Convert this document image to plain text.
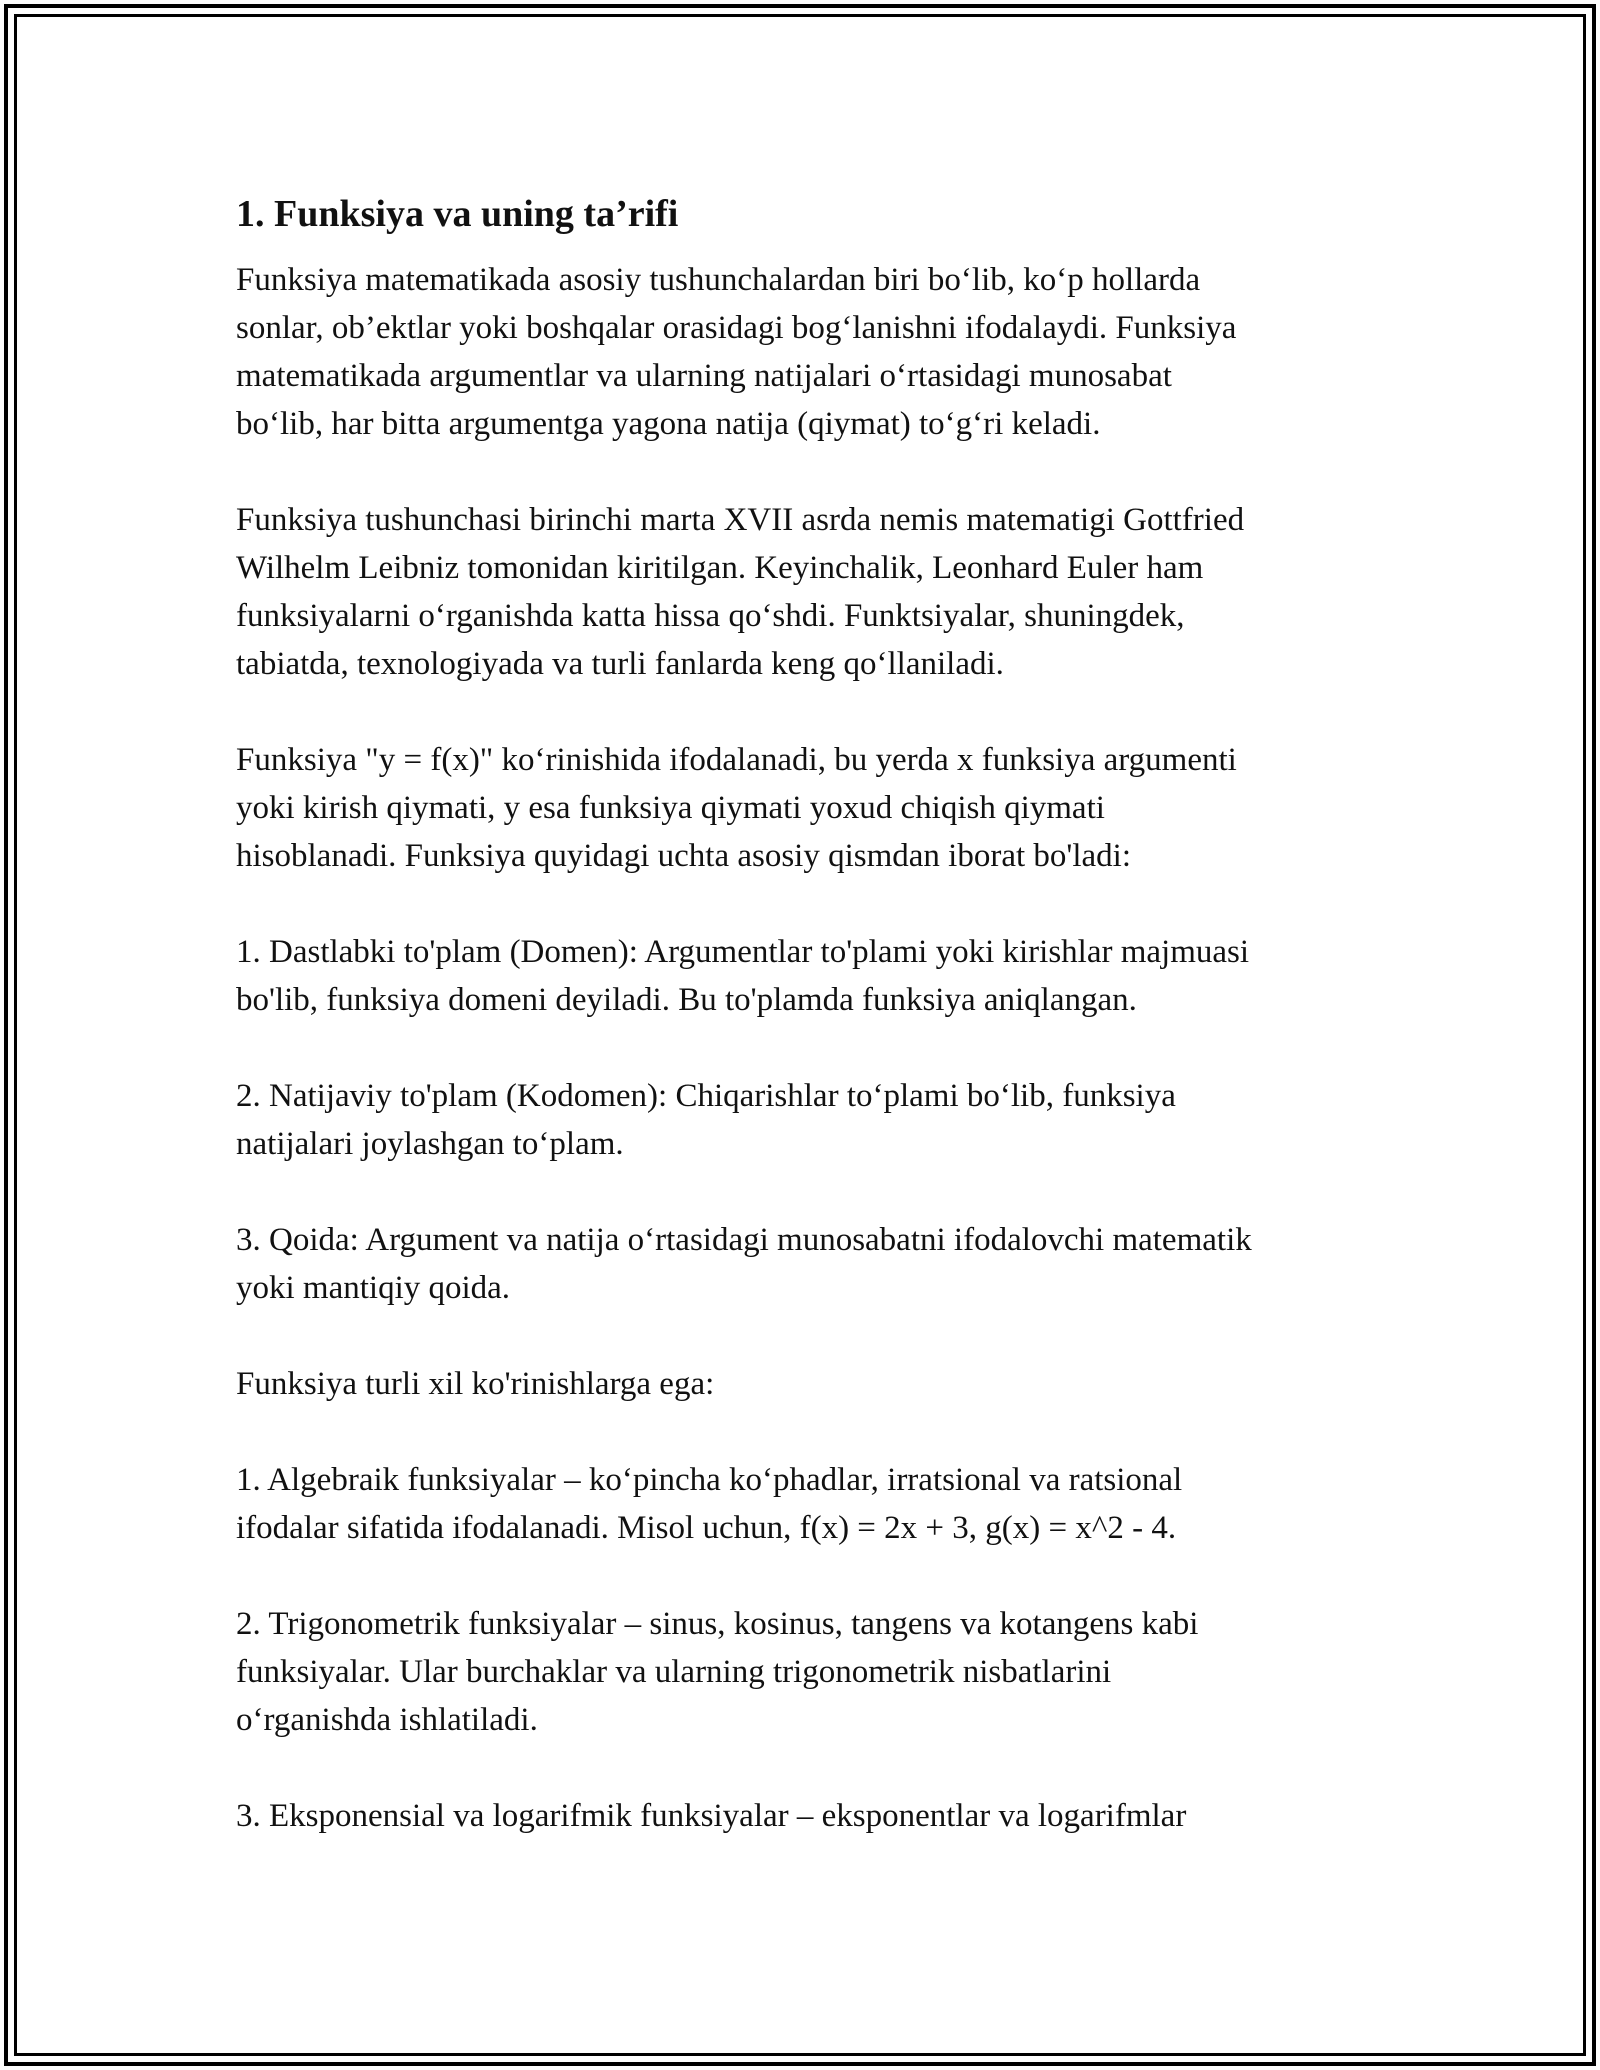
1. Funksiya va uning ta’rifi

Funksiya matematikada asosiy tushunchalardan biri bo‘lib, ko‘p hollarda
sonlar, ob’ektlar yoki boshqalar orasidagi bog‘lanishni ifodalaydi. Funksiya
matematikada argumentlar va ularning natijalari o‘rtasidagi munosabat
bo‘lib, har bitta argumentga yagona natija (qiymat) to‘g‘ri keladi.

Funksiya tushunchasi birinchi marta XVII asrda nemis matematigi Gottfried
Wilhelm Leibniz tomonidan kiritilgan. Keyinchalik, Leonhard Euler ham
funksiyalarni o‘rganishda katta hissa qo‘shdi. Funktsiyalar, shuningdek,
tabiatda, texnologiyada va turli fanlarda keng qo‘llaniladi.

Funksiya "y = f(x)" ko‘rinishida ifodalanadi, bu yerda x funksiya argumenti
yoki kirish qiymati, y esa funksiya qiymati yoxud chiqish qiymati
hisoblanadi. Funksiya quyidagi uchta asosiy qismdan iborat bo'ladi:

1. Dastlabki to'plam (Domen): Argumentlar to'plami yoki kirishlar majmuasi
bo'lib, funksiya domeni deyiladi. Bu to'plamda funksiya aniqlangan.

2. Natijaviy to'plam (Kodomen): Chiqarishlar to‘plami bo‘lib, funksiya
natijalari joylashgan to‘plam.

3. Qoida: Argument va natija o‘rtasidagi munosabatni ifodalovchi matematik
yoki mantiqiy qoida.

Funksiya turli xil ko'rinishlarga ega:

1. Algebraik funksiyalar – ko‘pincha ko‘phadlar, irratsional va ratsional
ifodalar sifatida ifodalanadi. Misol uchun, f(x) = 2x + 3, g(x) = x^2 - 4.

2. Trigonometrik funksiyalar – sinus, kosinus, tangens va kotangens kabi
funksiyalar. Ular burchaklar va ularning trigonometrik nisbatlarini
o‘rganishda ishlatiladi.

3. Eksponensial va logarifmik funksiyalar – eksponentlar va logarifmlar
